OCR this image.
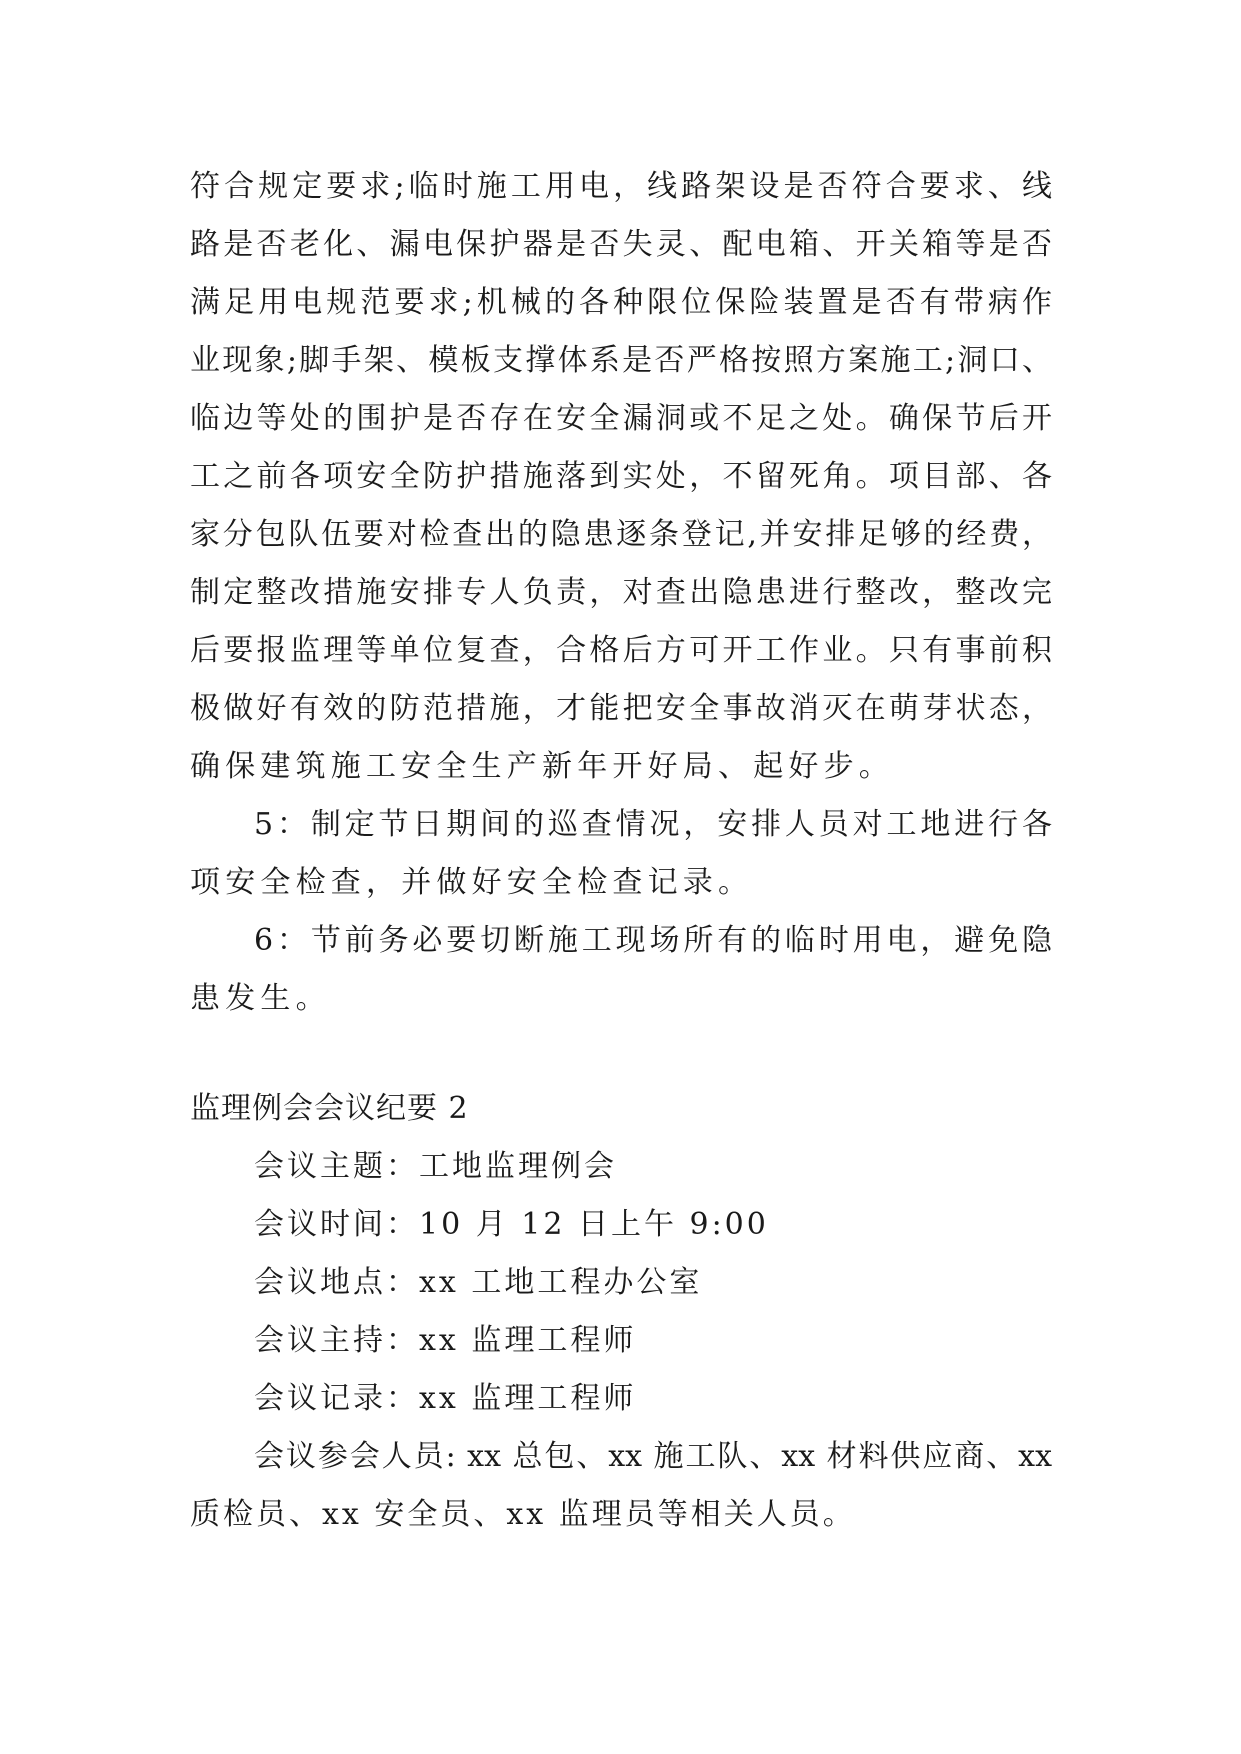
符合规定要求;临时施工用电，线路架设是否符合要求、线

路是否老化、漏电保护器是否失灵、配电箱、开关箱等是否

满足用电规范要求;机械的各种限位保险装置是否有带病作

业现象;脚手架、模板支撑体系是否严格按照方案施工;洞口、

临边等处的围护是否存在安全漏洞或不足之处。确保节后开

工之前各项安全防护措施落到实处，不留死角。项目部、各

家分包队伍要对检查出的隐患逐条登记,并安排足够的经费，

制定整改措施安排专人负责，对查出隐患进行整改，整改完

后要报监理等单位复查，合格后方可开工作业。只有事前积

极做好有效的防范措施，才能把安全事故消灭在萌芽状态，

确保建筑施工安全生产新年开好局、起好步。

5：制定节日期间的巡查情况，安排人员对工地进行各

项安全检查，并做好安全检查记录。

6：节前务必要切断施工现场所有的临时用电，避免隐

患发生。

监理例会会议纪要 2

会议主题：工地监理例会

会议时间：10 月 12 日上午 9:00

会议地点：xx 工地工程办公室

会议主持：xx 监理工程师

会议记录：xx 监理工程师

会议参会人员: xx 总包、xx 施工队、xx 材料供应商、xx

质检员、xx 安全员、xx 监理员等相关人员。
